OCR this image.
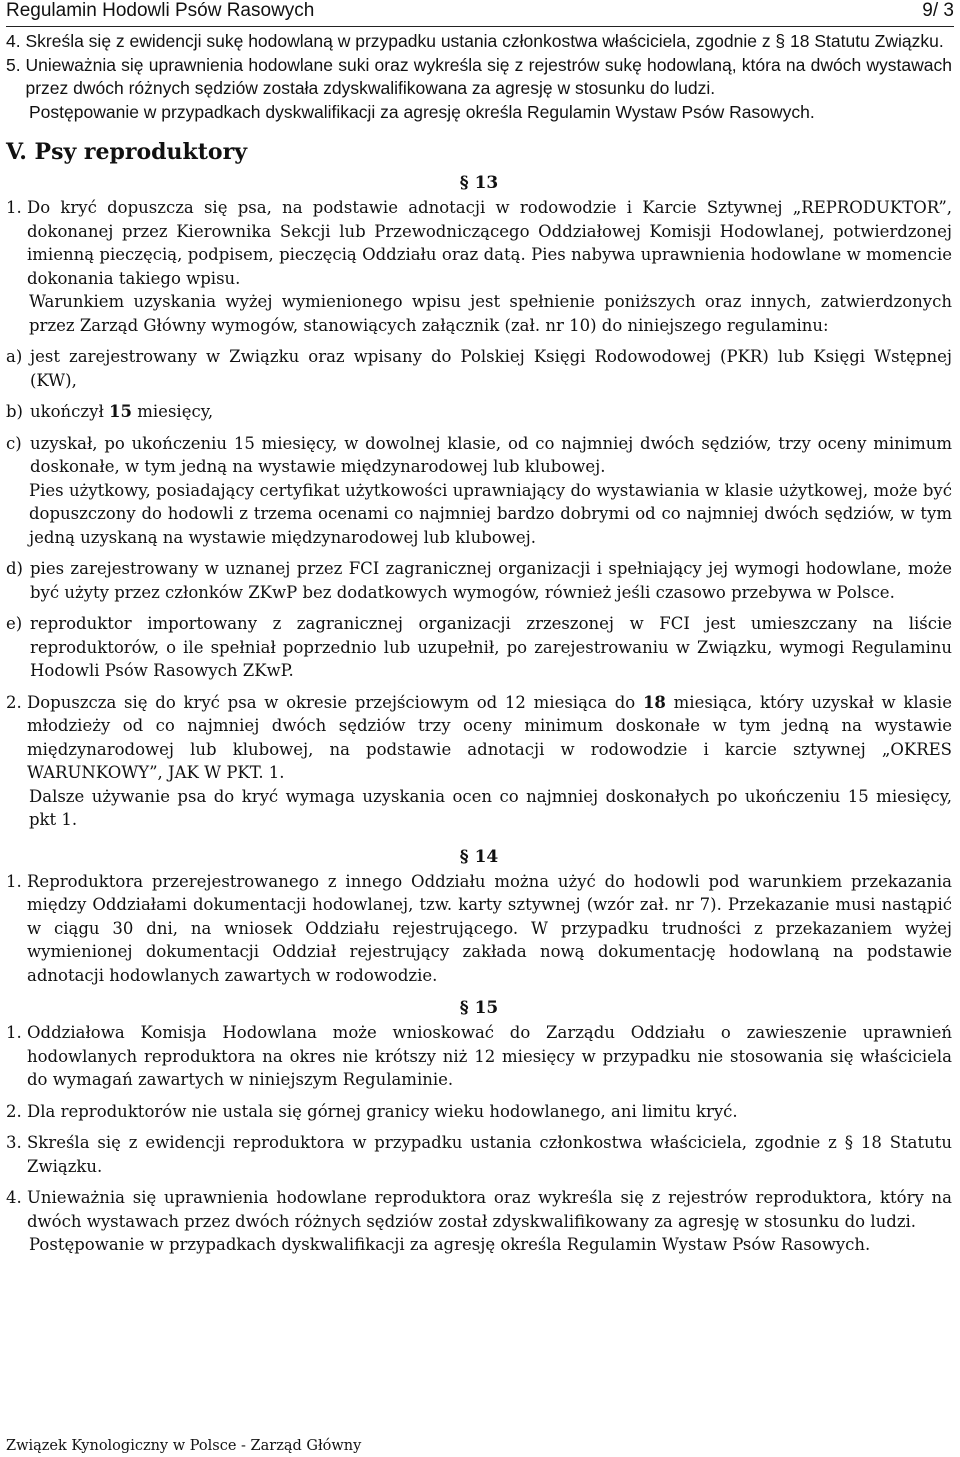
Regulamin Hodowli Psów Rasowych	9/ 3
4. Skreśla się z ewidencji sukę hodowlaną w przypadku ustania członkostwa właściciela, zgodnie z § 18 Statutu Związku.
5. Unieważnia się uprawnienia hodowlane suki oraz wykreśla się z rejestrów sukę hodowlaną, która na dwóch wystawach przez dwóch różnych sędziów została zdyskwalifikowana za agresję w stosunku do ludzi.
Postępowanie w przypadkach dyskwalifikacji za agresję określa Regulamin Wystaw Psów Rasowych.
V. Psy reproduktory
§ 13
1. Do kryć dopuszcza się psa, na podstawie adnotacji w rodowodzie i Karcie Sztywnej „REPRODUKTOR”, dokonanej przez Kierownika Sekcji lub Przewodniczącego Oddziałowej Komisji Hodowlanej, potwierdzonej imienną pieczęcią, podpisem, pieczęcią Oddziału oraz datą. Pies nabywa uprawnienia hodowlane w momencie dokonania takiego wpisu.
Warunkiem uzyskania wyżej wymienionego wpisu jest spełnienie poniższych oraz innych, zatwierdzonych przez Zarząd Główny wymogów, stanowiących załącznik (zał. nr 10) do niniejszego regulaminu:
a) jest zarejestrowany w Związku oraz wpisany do Polskiej Księgi Rodowodowej (PKR) lub Księgi Wstępnej (KW),
b) ukończył 15 miesięcy,
c) uzyskał, po ukończeniu 15 miesięcy, w dowolnej klasie, od co najmniej dwóch sędziów, trzy oceny minimum doskonałe, w tym jedną na wystawie międzynarodowej lub klubowej.
Pies użytkowy, posiadający certyfikat użytkowości uprawniający do wystawiania w klasie użytkowej, może być dopuszczony do hodowli z trzema ocenami co najmniej bardzo dobrymi od co najmniej dwóch sędziów, w tym jedną uzyskaną na wystawie międzynarodowej lub klubowej.
d) pies zarejestrowany w uznanej przez FCI zagranicznej organizacji i spełniający jej wymogi hodowlane, może być użyty przez członków ZKwP bez dodatkowych wymogów, również jeśli czasowo przebywa w Polsce.
e) reproduktor importowany z zagranicznej organizacji zrzeszonej w FCI jest umieszczany na liście reproduktorów, o ile spełniał poprzednio lub uzupełnił, po zarejestrowaniu w Związku, wymogi Regulaminu Hodowli Psów Rasowych ZKwP.
2. Dopuszcza się do kryć psa w okresie przejściowym od 12 miesiąca do 18 miesiąca, który uzyskał w klasie młodzieży od co najmniej dwóch sędziów trzy oceny minimum doskonałe w tym jedną na wystawie międzynarodowej lub klubowej, na podstawie adnotacji w rodowodzie i karcie sztywnej „OKRES WARUNKOWY”, JAK W PKT. 1.
Dalsze używanie psa do kryć wymaga uzyskania ocen co najmniej doskonałych po ukończeniu 15 miesięcy, pkt 1.
§ 14
1. Reproduktora przerejestrowanego z innego Oddziału można użyć do hodowli pod warunkiem przekazania między Oddziałami dokumentacji hodowlanej, tzw. karty sztywnej (wzór zał. nr 7). Przekazanie musi nastąpić w ciągu 30 dni, na wniosek Oddziału rejestrującego. W przypadku trudności z przekazaniem wyżej wymienionej dokumentacji Oddział rejestrujący zakłada nową dokumentację hodowlaną na podstawie adnotacji hodowlanych zawartych w rodowodzie.
§ 15
1. Oddziałowa Komisja Hodowlana może wnioskować do Zarządu Oddziału o zawieszenie uprawnień hodowlanych reproduktora na okres nie krótszy niż 12 miesięcy w przypadku nie stosowania się właściciela do wymagań zawartych w niniejszym Regulaminie.
2. Dla reproduktorów nie ustala się górnej granicy wieku hodowlanego, ani limitu kryć.
3. Skreśla się z ewidencji reproduktora w przypadku ustania członkostwa właściciela, zgodnie z § 18 Statutu Związku.
4. Unieważnia się uprawnienia hodowlane reproduktora oraz wykreśla się z rejestrów reproduktora, który na dwóch wystawach przez dwóch różnych sędziów został zdyskwalifikowany za agresję w stosunku do ludzi.
Postępowanie w przypadkach dyskwalifikacji za agresję określa Regulamin Wystaw Psów Rasowych.
Związek Kynologiczny w Polsce - Zarząd Główny
